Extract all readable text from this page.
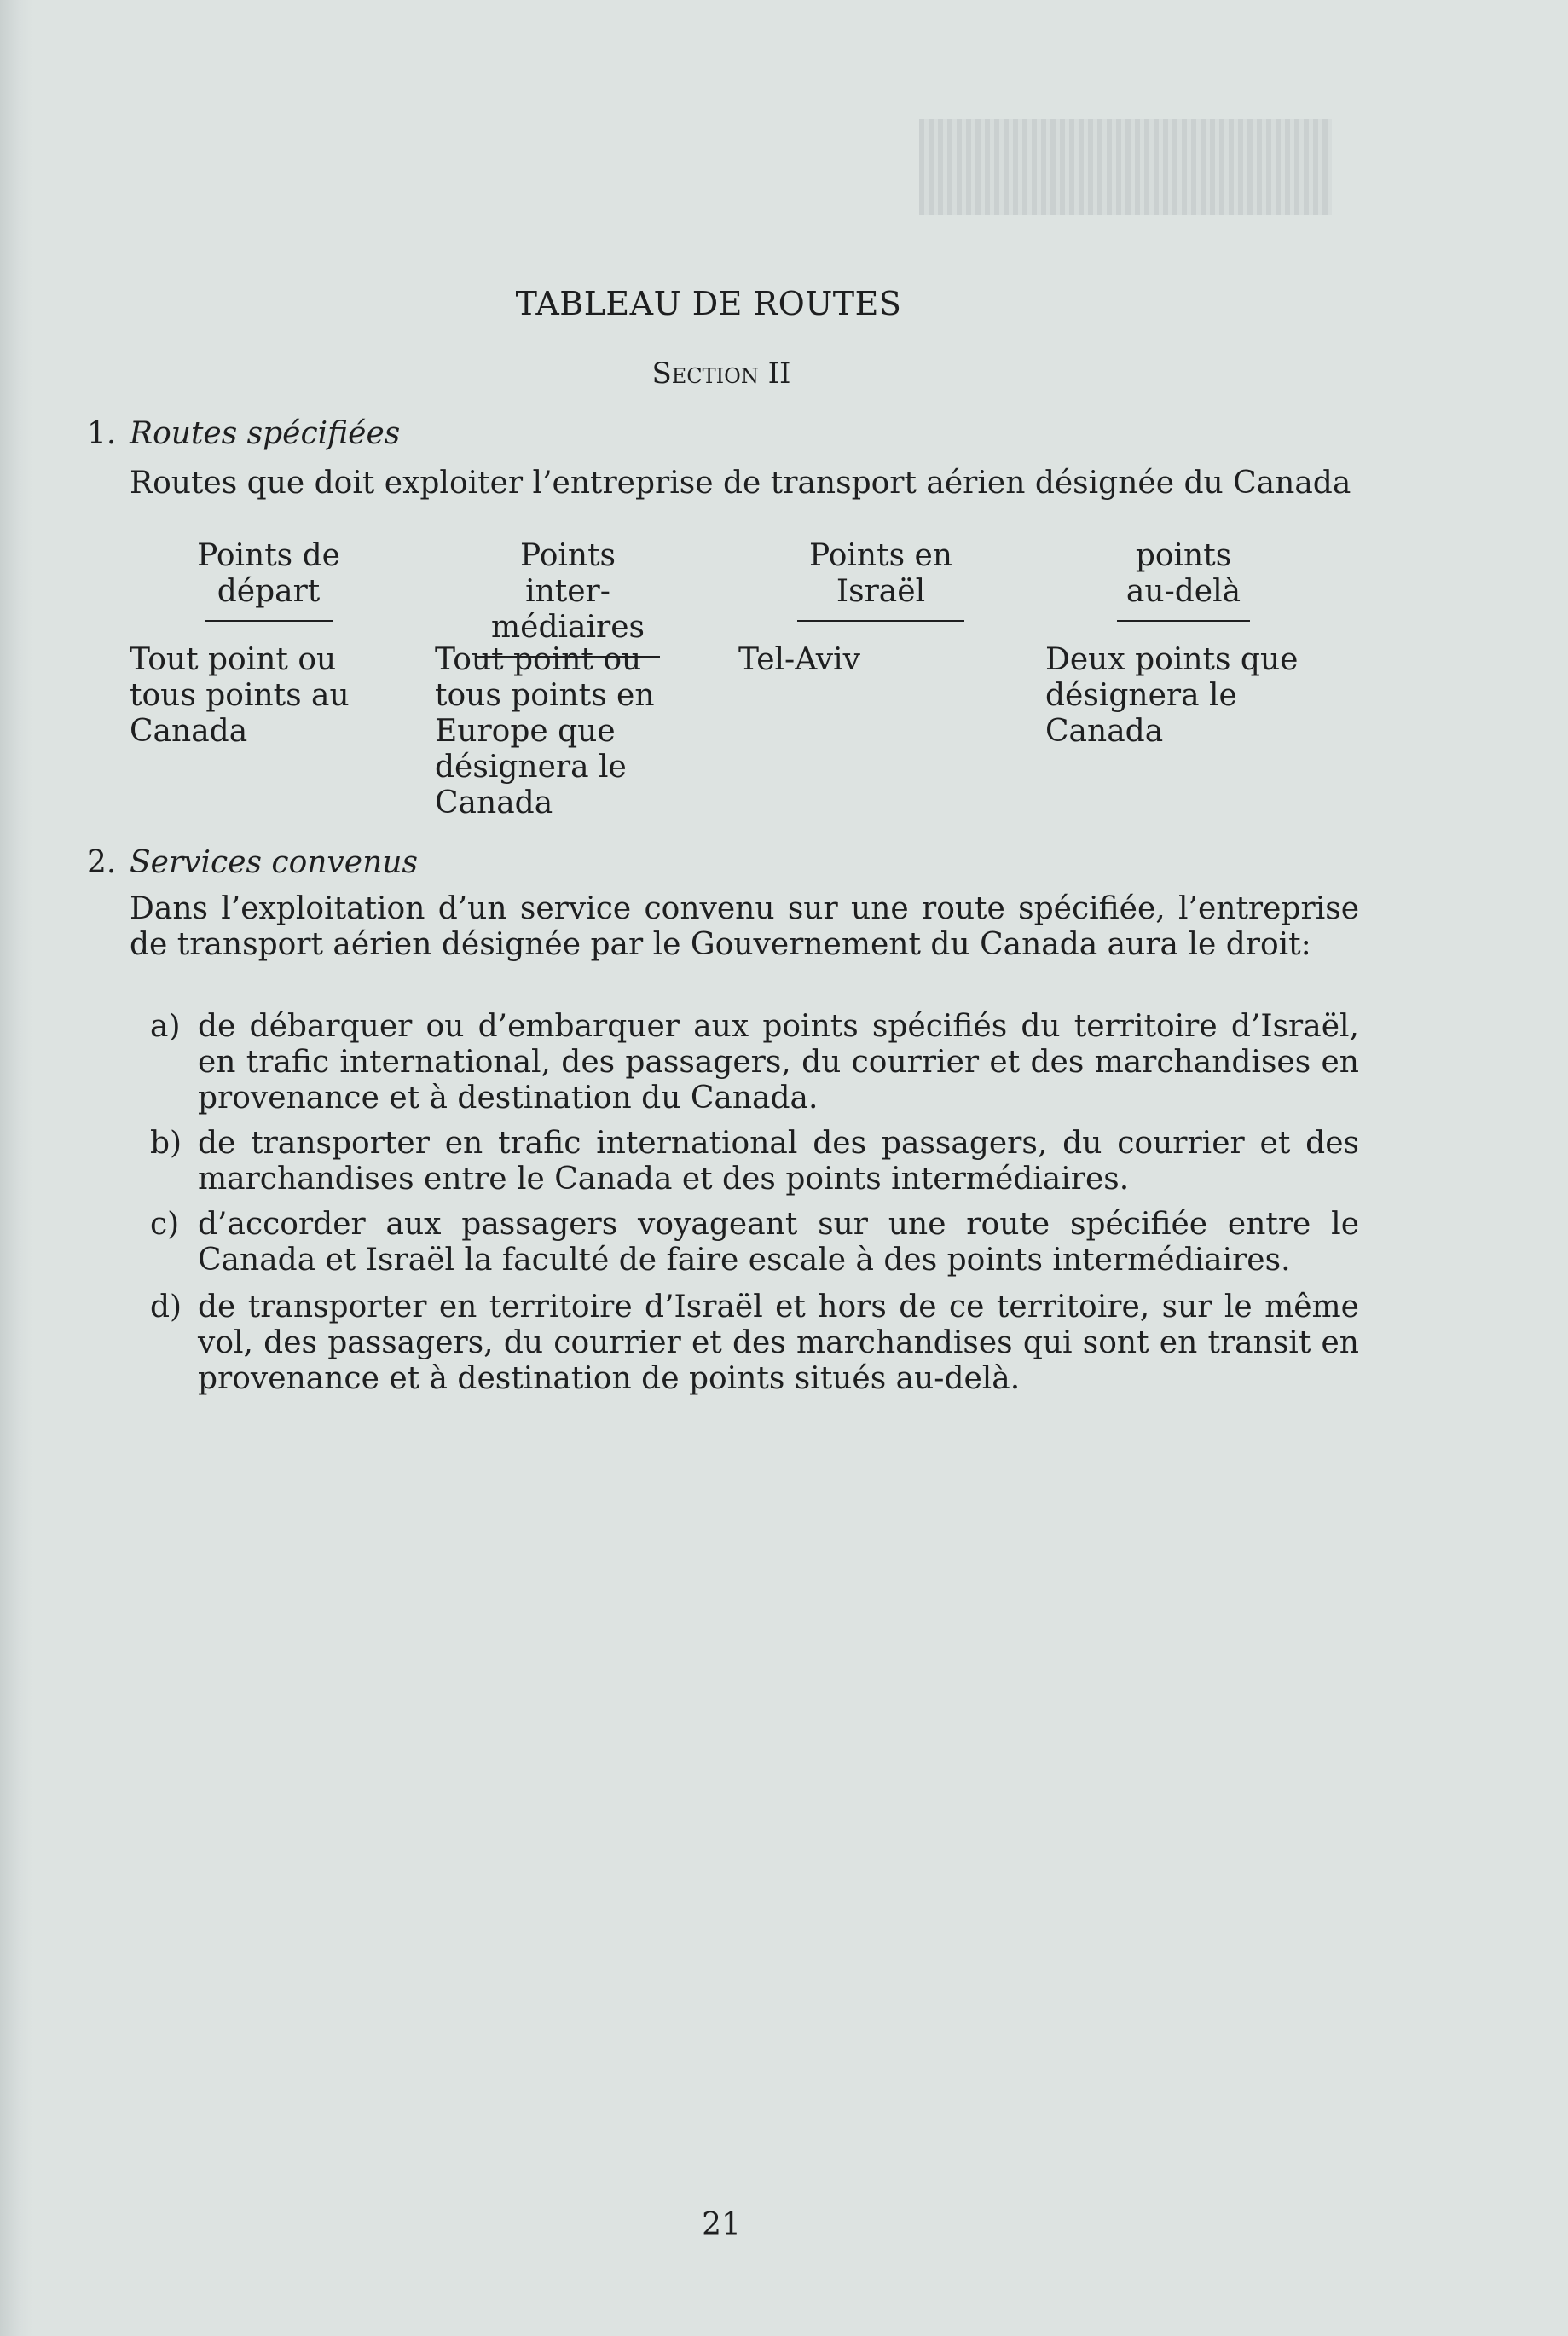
TABLEAU DE ROUTES
Section II
1. Routes spécifiées
Routes que doit exploiter l’entreprise de transport aérien désignée du Canada
Points de départ
Points inter-médiaires
Points en Israël
points au-delà
Tout point ou tous points au Canada
Tout point ou tous points en Europe que désignera le Canada
Tel-Aviv	Deux points que désignera le Canada
2. Services convenus
Dans l’exploitation d’un service convenu sur une route spécifiée, l’entreprise de transport aérien désignée par le Gouvernement du Canada aura le droit:
a) de débarquer ou d’embarquer aux points spécifiés du territoire d’Israël, en trafic international, des passagers, du courrier et des marchandises en provenance et à destination du Canada.
b) de transporter en trafic international des passagers, du courrier et des marchandises entre le Canada et des points intermédiaires.
c) d’accorder aux passagers voyageant sur une route spécifiée entre le Canada et Israël la faculté de faire escale à des points intermédiaires.
d) de transporter en territoire d’Israël et hors de ce territoire, sur le même vol, des passagers, du courrier et des marchandises qui sont en transit en provenance et à destination de points situés au-delà.
21
